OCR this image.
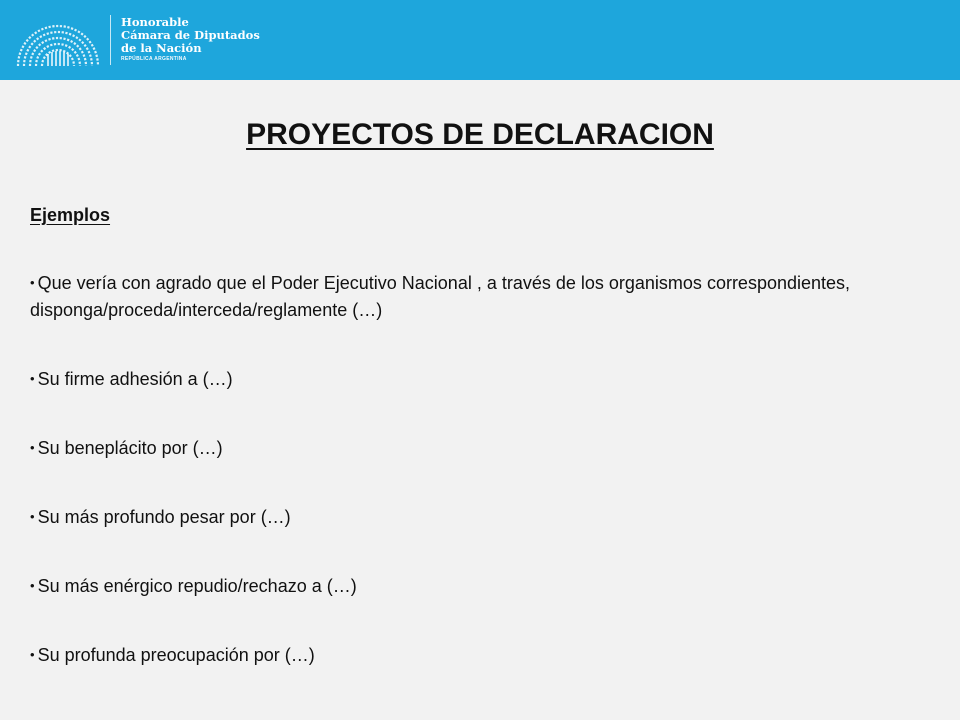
Honorable
Cámara de Diputados
de la Nación
REPÚBLICA ARGENTINA
PROYECTOS DE DECLARACION
Ejemplos
• Que vería con agrado que el Poder Ejecutivo Nacional , a través de los organismos correspondientes, disponga/proceda/interceda/reglamente (…)
• Su firme adhesión a (…)
• Su beneplácito por (…)
• Su más profundo pesar por (…)
• Su más enérgico repudio/rechazo a (…)
• Su profunda preocupación por (…)
